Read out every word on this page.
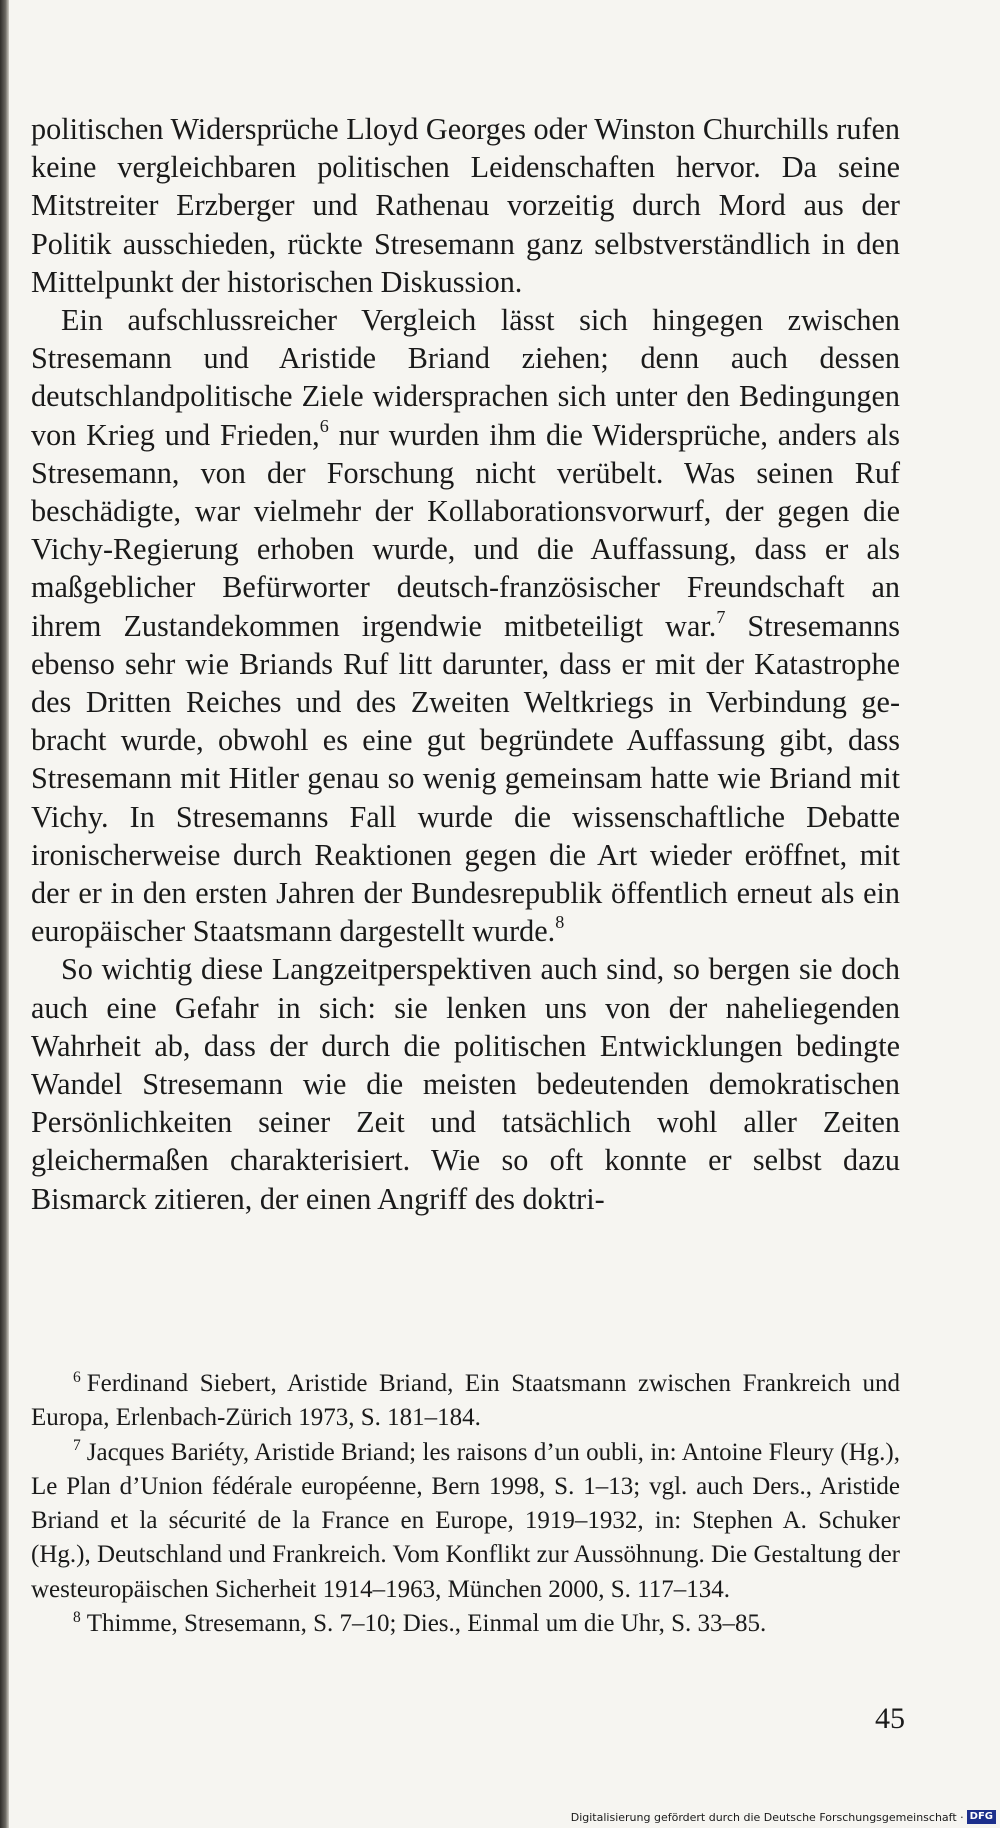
politischen Widersprüche Lloyd Georges oder Winston Churchills rufen keine vergleichbaren politischen Leidenschaften hervor. Da seine Mitstreiter Erzberger und Rathenau vorzeitig durch Mord aus der Politik ausschieden, rückte Stresemann ganz selbstverständlich in den Mittelpunkt der historischen Diskussion.

Ein aufschlussreicher Vergleich lässt sich hingegen zwischen Stresemann und Aristide Briand ziehen; denn auch dessen deutschlandpolitische Ziele widersprachen sich unter den Bedingungen von Krieg und Frieden,$^6$ nur wurden ihm die Widersprüche, anders als Stresemann, von der Forschung nicht verübelt. Was seinen Ruf beschädigte, war vielmehr der Kollaborationsvorwurf, der gegen die Vichy-Regierung erhoben wurde, und die Auffassung, dass er als maßgeblicher Befürworter deutsch-französischer Freundschaft an ihrem Zustandekommen irgendwie mitbeteiligt war.$^7$ Stresemanns ebenso sehr wie Briands Ruf litt darunter, dass er mit der Katastrophe des Dritten Reiches und des Zweiten Weltkriegs in Verbindung gebracht wurde, obwohl es eine gut begründete Auffassung gibt, dass Stresemann mit Hitler genau so wenig gemeinsam hatte wie Briand mit Vichy. In Stresemanns Fall wurde die wissenschaftliche Debatte ironischerweise durch Reaktionen gegen die Art wieder eröffnet, mit der er in den ersten Jahren der Bundesrepublik öffentlich erneut als ein europäischer Staatsmann dargestellt wurde.$^8$

So wichtig diese Langzeitperspektiven auch sind, so bergen sie doch auch eine Gefahr in sich: sie lenken uns von der naheliegenden Wahrheit ab, dass der durch die politischen Entwicklungen bedingte Wandel Stresemann wie die meisten bedeutenden demokratischen Persönlichkeiten seiner Zeit und tatsächlich wohl aller Zeiten gleichermaßen charakterisiert. Wie so oft konnte er selbst dazu Bismarck zitieren, der einen Angriff des doktri-

$^6$ Ferdinand Siebert, Aristide Briand, Ein Staatsmann zwischen Frankreich und Europa, Erlenbach-Zürich 1973, S. 181–184.

$^7$ Jacques Bariéty, Aristide Briand; les raisons d’un oubli, in: Antoine Fleury (Hg.), Le Plan d’Union fédérale européenne, Bern 1998, S. 1–13; vgl. auch Ders., Aristide Briand et la sécurité de la France en Europe, 1919–1932, in: Stephen A. Schuker (Hg.), Deutschland und Frankreich. Vom Konflikt zur Aussöhnung. Die Gestaltung der westeuropäischen Sicherheit 1914–1963, München 2000, S. 117–134.

$^8$ Thimme, Stresemann, S. 7–10; Dies., Einmal um die Uhr, S. 33–85.

45
Digitalisierung gefördert durch die Deutsche Forschungsgemeinschaft · DFG
